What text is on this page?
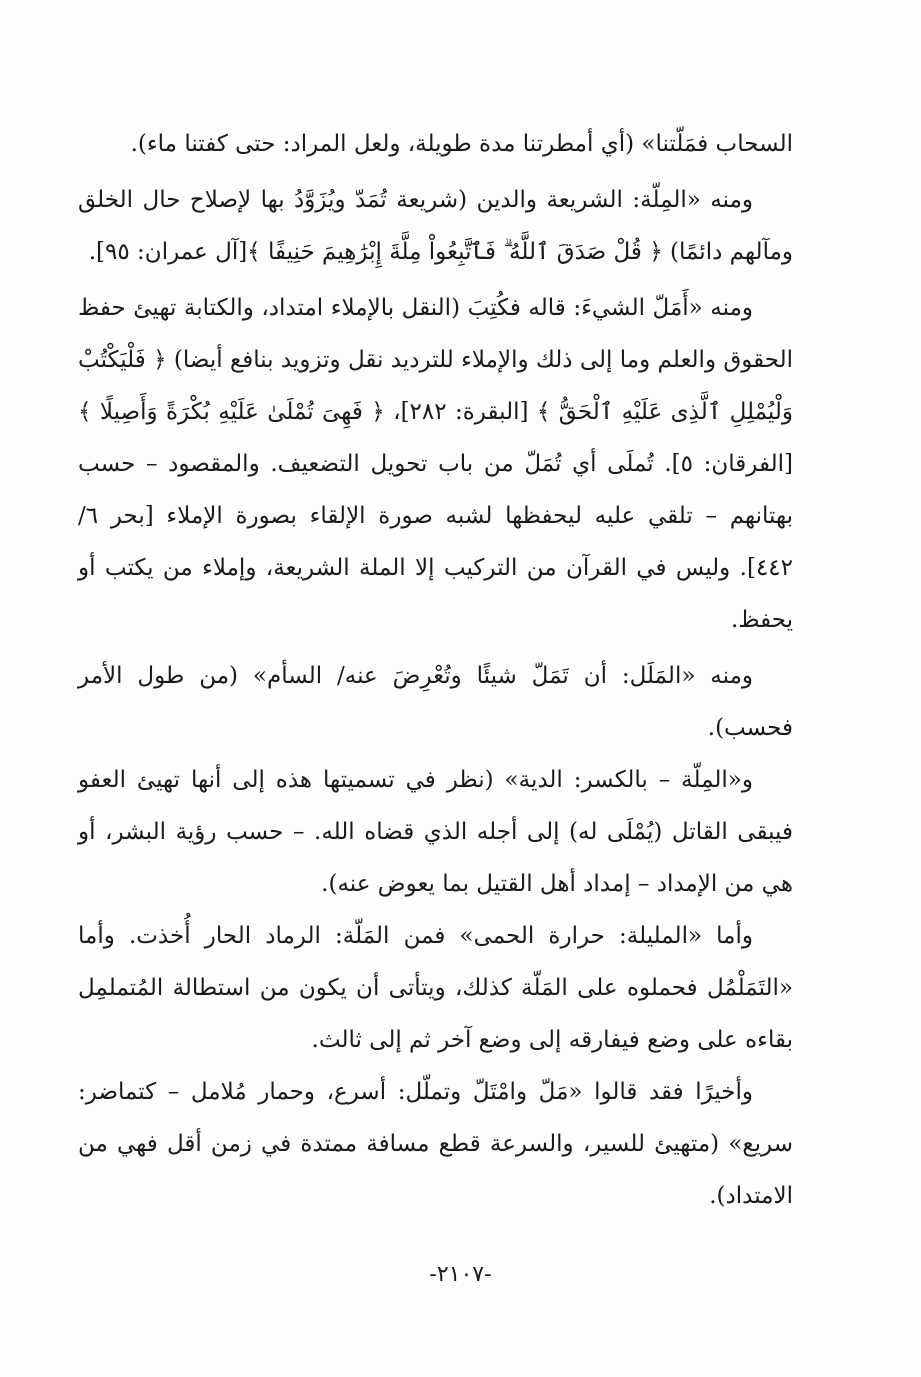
السحاب فمَلّتنا» (أي أمطرتنا مدة طويلة، ولعل المراد: حتى كفتنا ماء).

ومنه «المِلّة: الشريعة والدين (شريعة تُمَدّ ويُزَوَّدُ بها لإصلاح حال الخلق ومآلهم دائمًا) ﴿ قُلْ صَدَقَ ٱللَّهُ ۗ فَٱتَّبِعُواْ مِلَّةَ إِبْرَٰهِيمَ حَنِيفًا ﴾[آل عمران: ٩٥].

ومنه «أَمَلّ الشيءَ: قاله فكُتِبَ (النقل بالإملاء امتداد، والكتابة تهيئ حفظ الحقوق والعلم وما إلى ذلك والإملاء للترديد نقل وتزويد بنافع أيضا) ﴿ فَلْيَكْتُبْ وَلْيُمْلِلِ ٱلَّذِى عَلَيْهِ ٱلْحَقُّ ﴾ [البقرة: ٢٨٢]، ﴿ فَهِىَ تُمْلَىٰ عَلَيْهِ بُكْرَةً وَأَصِيلًا ﴾ [الفرقان: ٥]. تُملَى أي تُمَلّ من باب تحويل التضعيف. والمقصود – حسب بهتانهم – تلقي عليه ليحفظها لشبه صورة الإلقاء بصورة الإملاء [بحر ٦/ ٤٤٢]. وليس في القرآن من التركيب إلا الملة الشريعة، وإملاء من يكتب أو يحفظ.

ومنه «المَلَل: أن تَمَلّ شيئًا وتُعْرِضَ عنه/ السأم» (من طول الأمر فحسب).

و«المِلّة – بالكسر: الدية» (نظر في تسميتها هذه إلى أنها تهيئ العفو فيبقى القاتل (يُمْلَى له) إلى أجله الذي قضاه الله. – حسب رؤية البشر، أو هي من الإمداد – إمداد أهل القتيل بما يعوض عنه).

وأما «المليلة: حرارة الحمى» فمن المَلّة: الرماد الحار أُخذت. وأما «التَمَلْمُل فحملوه على المَلّة كذلك، ويتأتى أن يكون من استطالة المُتملمِل بقاءه على وضع فيفارقه إلى وضع آخر ثم إلى ثالث.

وأخيرًا فقد قالوا «مَلّ وامْتَلّ وتملّل: أسرع، وحمار مُلامل – كتماضر: سريع» (متهيئ للسير، والسرعة قطع مسافة ممتدة في زمن أقل فهي من الامتداد).

-٢١٠٧-
